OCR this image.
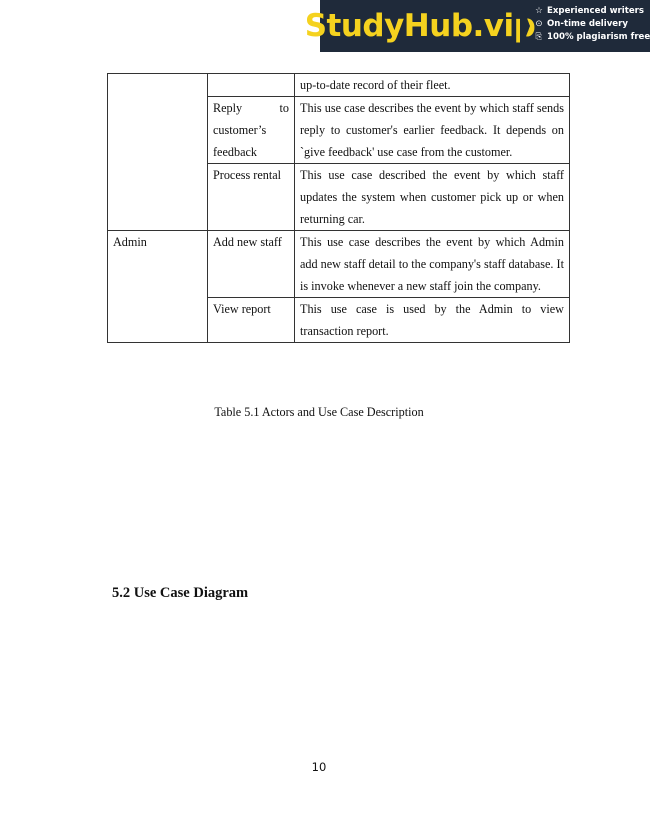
StudyHub.vip ☆ Experienced writers
⊙ On-time delivery
⎘ 100% plagiarism free
		up-to-date record of their fleet.

	Reply to
customer’s
feedback	This use case describes the event by which staff sends reply to customer's earlier feedback. It depends on `give feedback' use case from the customer.
	Process rental	This use case described the event by which staff updates the system when customer pick up or when returning car.
Admin	Add new staff	This use case describes the event by which Admin add new staff detail to the company's staff database. It is invoke whenever a new staff join the company.
	View report	This use case is used by the Admin to view transaction report.
Table 5.1 Actors and Use Case Description
5.2 Use Case Diagram
10
